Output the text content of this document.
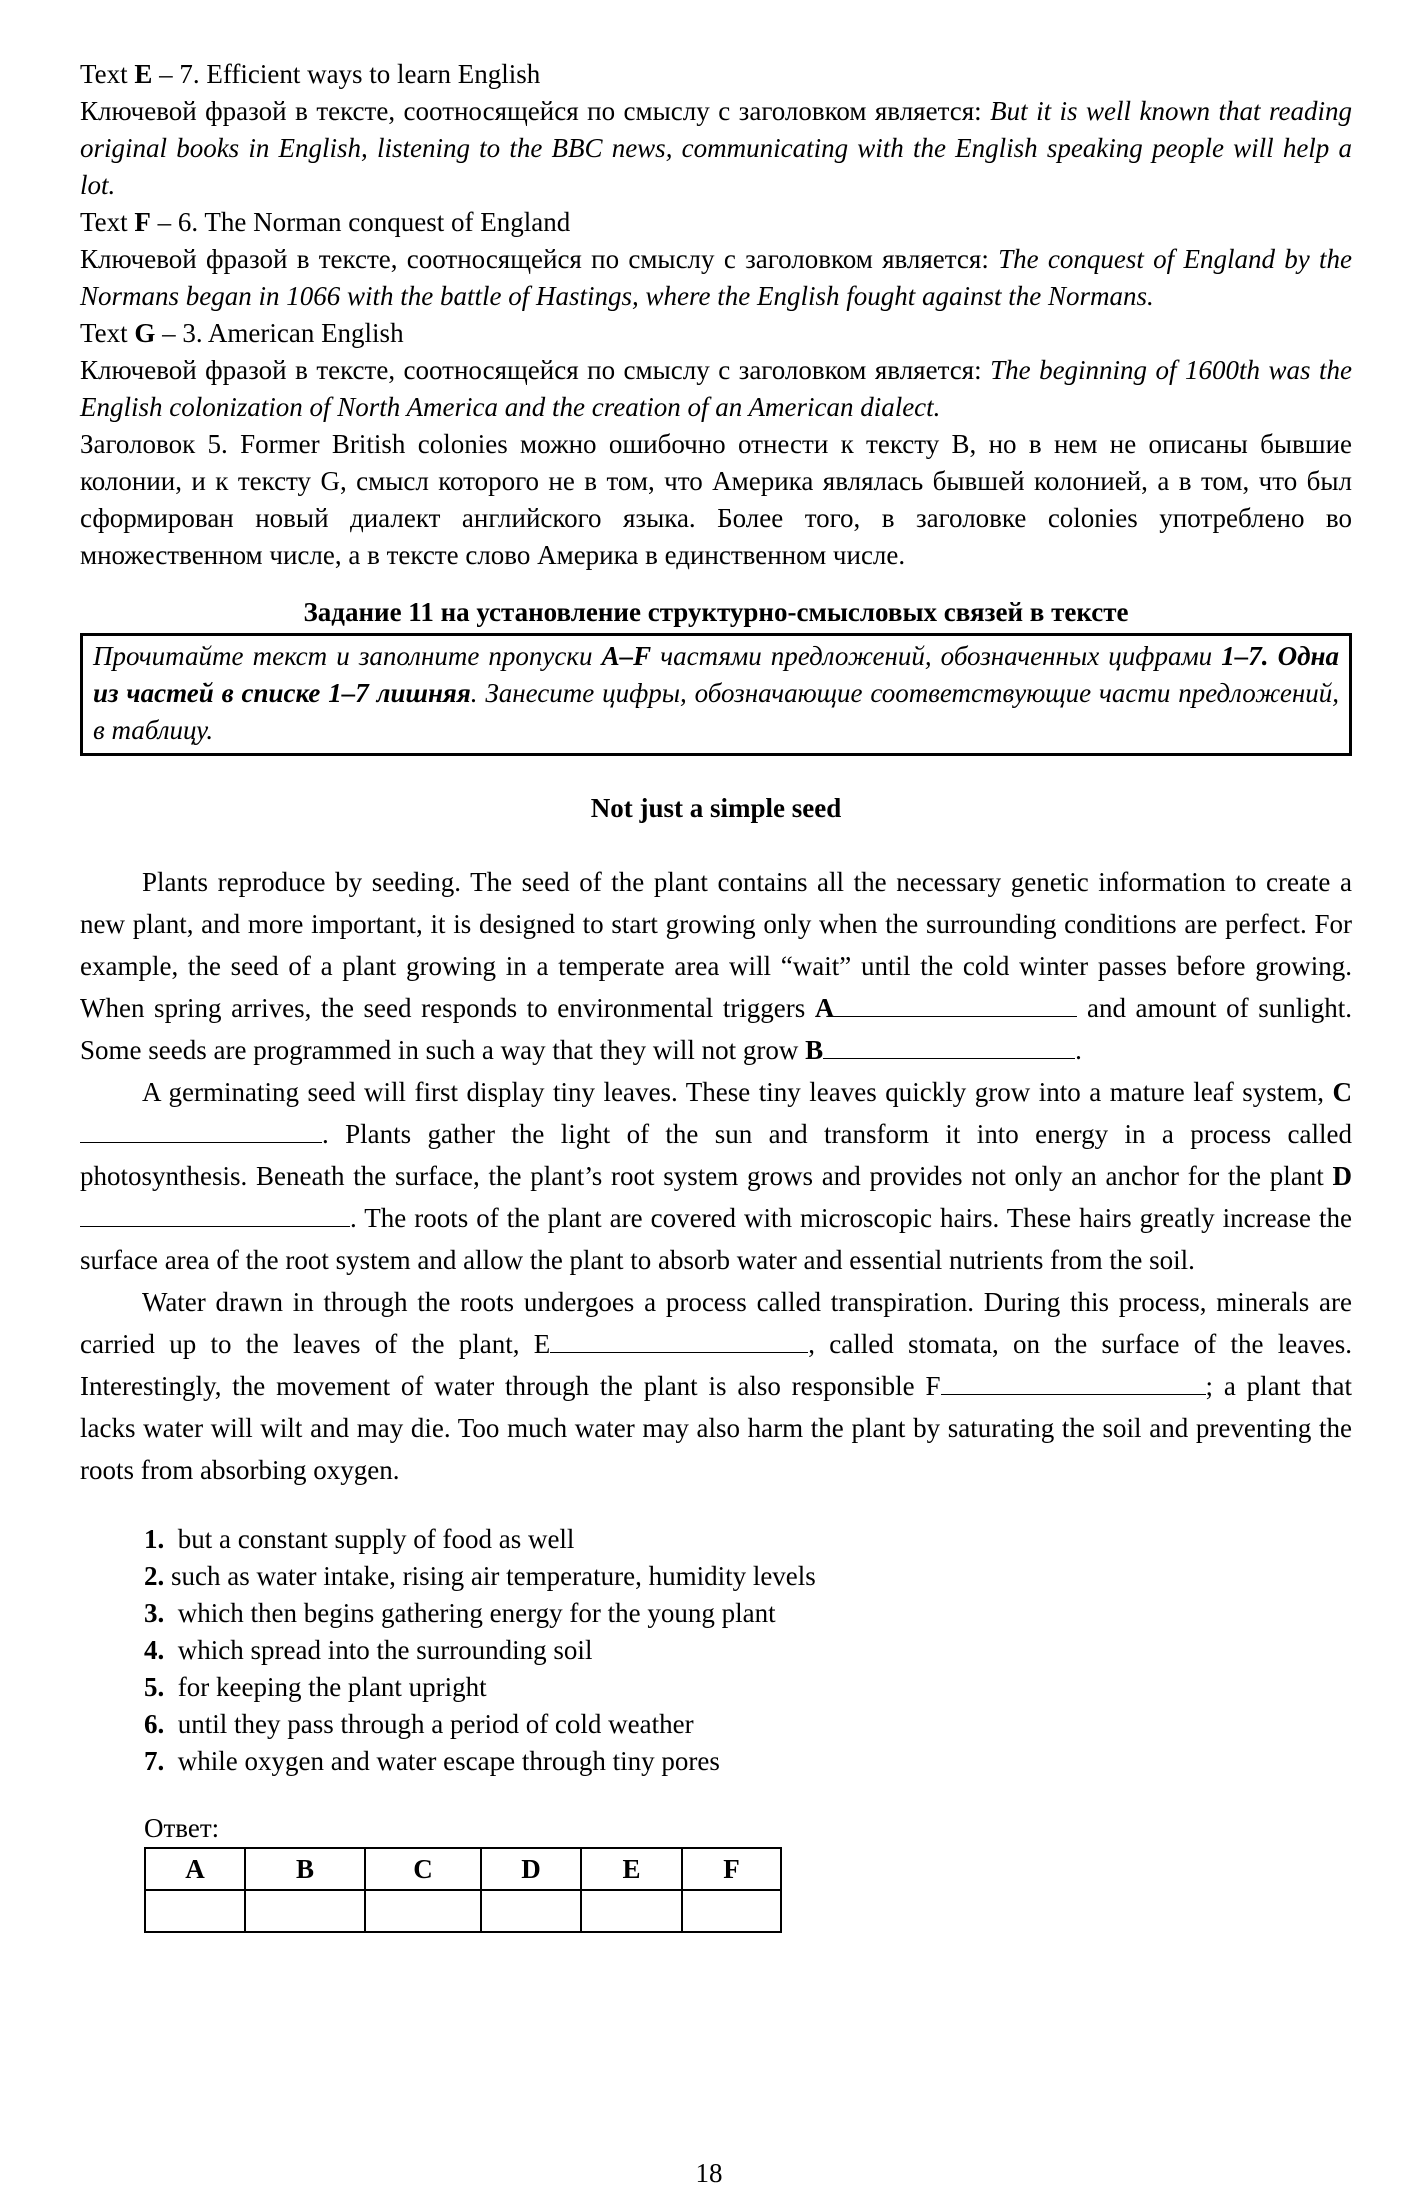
Text E – 7. Efficient ways to learn English

Ключевой фразой в тексте, соотносящейся по смыслу с заголовком является: But it is well known that reading original books in English, listening to the BBC news, communicating with the English speaking people will help a lot.

Text F – 6. The Norman conquest of England

Ключевой фразой в тексте, соотносящейся по смыслу с заголовком является: The conquest of England by the Normans began in 1066 with the battle of Hastings, where the English fought against the Normans.

Text G – 3. American English

Ключевой фразой в тексте, соотносящейся по смыслу с заголовком является: The beginning of 1600th was the English colonization of North America and the creation of an American dialect.

Заголовок 5. Former British colonies можно ошибочно отнести к тексту B, но в нем не описаны бывшие колонии, и к тексту G, смысл которого не в том, что Америка являлась бывшей колонией, а в том, что был сформирован новый диалект английского языка. Более того, в заголовке colonies употреблено во множественном числе, а в тексте слово Америка в единственном числе.

Задание 11 на установление структурно-смысловых связей в тексте
Прочитайте текст и заполните пропуски A–F частями предложений, обозначенных цифрами 1–7. Одна из частей в списке 1–7 лишняя. Занесите цифры, обозначающие соответствующие части предложений, в таблицу.
Not just a simple seed

Plants reproduce by seeding. The seed of the plant contains all the necessary genetic information to create a new plant, and more important, it is designed to start growing only when the surrounding conditions are perfect. For example, the seed of a plant growing in a temperate area will “wait” until the cold winter passes before growing. When spring arrives, the seed responds to environmental triggers A	and amount of sunlight. Some seeds are programmed in such a way that they will not grow B	.

A germinating seed will first display tiny leaves. These tiny leaves quickly grow into a mature leaf system, C. Plants gather the light of the sun and transform it into energy in a process called photosynthesis. Beneath the surface, the plant’s root system grows and provides not only an anchor for the plant D. The roots of the plant are covered with microscopic hairs. These hairs greatly increase the surface area of the root system and allow the plant to absorb water and essential nutrients from the soil.

Water drawn in through the roots undergoes a process called transpiration. During this process, minerals are carried up to the leaves of the plant, E	, called stomata, on the surface of the leaves. Interestingly, the movement of water through the plant is also responsible F	; a plant that lacks water will wilt and may die. Too much water may also harm the plant by saturating the soil and preventing the roots from absorbing oxygen.

1. but a constant supply of food as well
2. such as water intake, rising air temperature, humidity levels
3. which then begins gathering energy for the young plant
4. which spread into the surrounding soil
5. for keeping the plant upright
6. until they pass through a period of cold weather
7. while oxygen and water escape through tiny pores
Ответ:
A	B	C	D	E	F

18
